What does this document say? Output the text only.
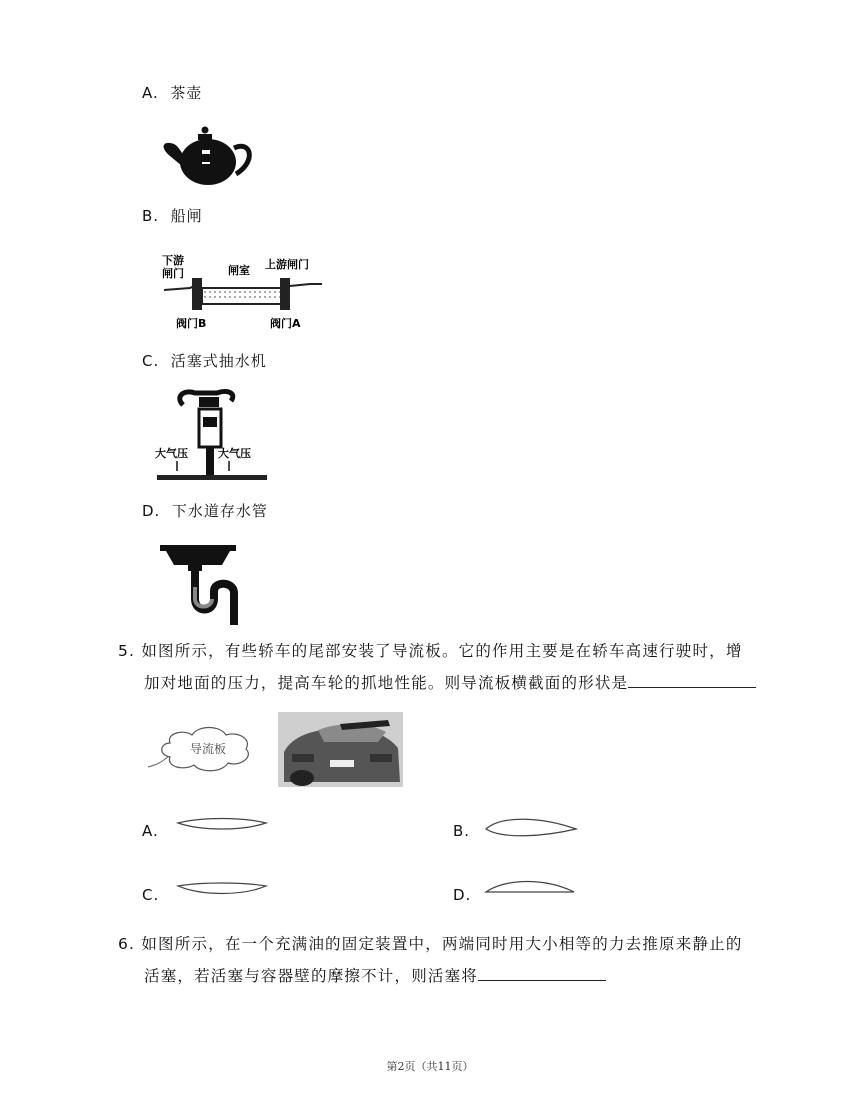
A. 茶壶
B. 船闸
下游
闸门	闸室 上游闸门
阀门B	阀门A
C. 活塞式抽水机
大气压	大气压
D. 下水道存水管
5. 如图所示，有些轿车的尾部安装了导流板。它的作用主要是在轿车高速行驶时，增
加对地面的压力，提高车轮的抓地性能。则导流板横截面的形状是
导流板
A.	B.
C.	D.
6. 如图所示，在一个充满油的固定装置中，两端同时用大小相等的力去推原来静止的
活塞，若活塞与容器壁的摩擦不计，则活塞将
第2页（共11页）
